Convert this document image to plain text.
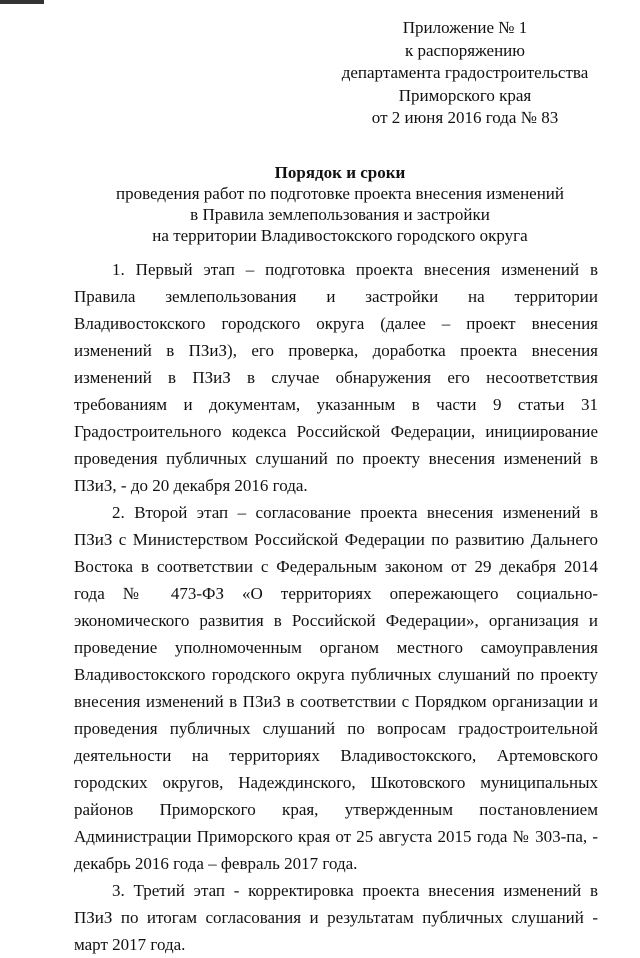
Приложение № 1
к распоряжению
департамента градостроительства
Приморского края
от 2 июня 2016 года № 83
Порядок и сроки
проведения работ по подготовке проекта внесения изменений
в Правила землепользования и застройки
на территории Владивостокского городского округа

1. Первый этап – подготовка проекта внесения изменений в Правила землепользования и застройки на территории Владивостокского городского округа (далее – проект внесения изменений в ПЗиЗ), его проверка, доработка проекта внесения изменений в ПЗиЗ в случае обнаружения его несоответствия требованиям и документам, указанным в части 9 статьи 31 Градостроительного кодекса Российской Федерации, инициирование проведения публичных слушаний по проекту внесения изменений в ПЗиЗ, - до 20 декабря 2016 года.

2. Второй этап – согласование проекта внесения изменений в ПЗиЗ с Министерством Российской Федерации по развитию Дальнего Востока в соответствии с Федеральным законом от 29 декабря 2014 года № 473-ФЗ «О территориях опережающего социально-экономического развития в Российской Федерации», организация и проведение уполномоченным органом местного самоуправления Владивостокского городского округа публичных слушаний по проекту внесения изменений в ПЗиЗ в соответствии с Порядком организации и проведения публичных слушаний по вопросам градостроительной деятельности на территориях Владивостокского, Артемовского городских округов, Надеждинского, Шкотовского муниципальных районов Приморского края, утвержденным постановлением Администрации Приморского края от 25 августа 2015 года № 303-па, - декабрь 2016 года – февраль 2017 года.

3. Третий этап - корректировка проекта внесения изменений в ПЗиЗ по итогам согласования и результатам публичных слушаний - март 2017 года.
